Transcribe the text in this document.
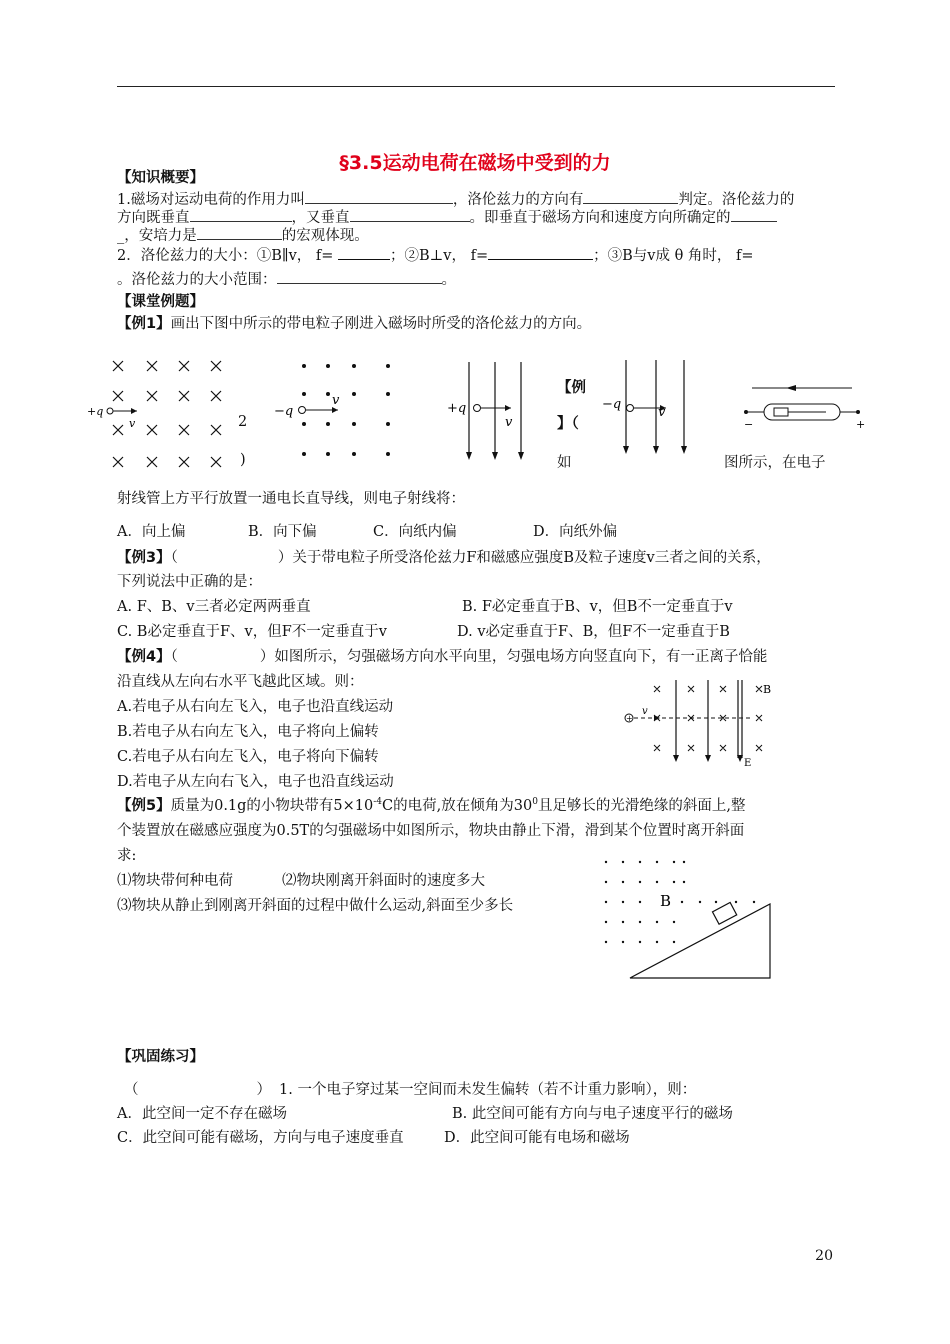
§3.5运动电荷在磁场中受到的力
【知识概要】
1.磁场对运动电荷的作用力叫	，洛伦兹力的方向有	判定。洛伦兹力的
方向既垂直	，又垂直	。即垂直于磁场方向和速度方向所确定的
_，安培力是	的宏观体现。
2．洛伦兹力的大小：①B∥v， f=	；②B⊥v， f=	；③B与v成 θ 角时， f=
。洛伦兹力的大小范围：	。
【课堂例题】
【例1】画出下图中所示的带电粒子刚进入磁场时所受的洛伦兹力的方向。
+q
v	2
)
−q
v
+q
v
【例
】（
如
−q
v
−	+
图所示，在电子
射线管上方平行放置一通电长直导线，则电子射线将：
A．向上偏	B．向下偏	C．向纸内偏	D．向纸外偏
【例3】（	）关于带电粒子所受洛伦兹力F和磁感应强度B及粒子速度v三者之间的关系，
下列说法中正确的是：
A. F、B、v三者必定两两垂直	B. F必定垂直于B、v，但B不一定垂直于v
C. B必定垂直于F、v，但F不一定垂直于v	D. v必定垂直于F、B，但F不一定垂直于B
【例4】（	）如图所示，匀强磁场方向水平向里，匀强电场方向竖直向下，有一正离子恰能
沿直线从左向右水平飞越此区域。则：
A.若电子从右向左飞入，电子也沿直线运动
B.若电子从右向左飞入，电子将向上偏转
C.若电子从右向左飞入，电子将向下偏转
D.若电子从左向右飞入，电子也沿直线运动
+
v
B
E
【例5】质量为0.1g的小物块带有$5\times 10^{-4}C$的电荷,放在倾角为$30^0$且足够长的光滑绝缘的斜面上,整
个装置放在磁感应强度为0.5T的匀强磁场中如图所示，物块由静止下滑，滑到某个位置时离开斜面
求:
⑴物块带何种电荷	⑵物块刚离开斜面时的速度多大
⑶物块从静止到刚离开斜面的过程中做什么运动,斜面至少多长	B
【巩固练习】
（	） 1. 一个电子穿过某一空间而未发生偏转（若不计重力影响），则：
A．此空间一定不存在磁场	B. 此空间可能有方向与电子速度平行的磁场
C．此空间可能有磁场，方向与电子速度垂直	D．此空间可能有电场和磁场
20
